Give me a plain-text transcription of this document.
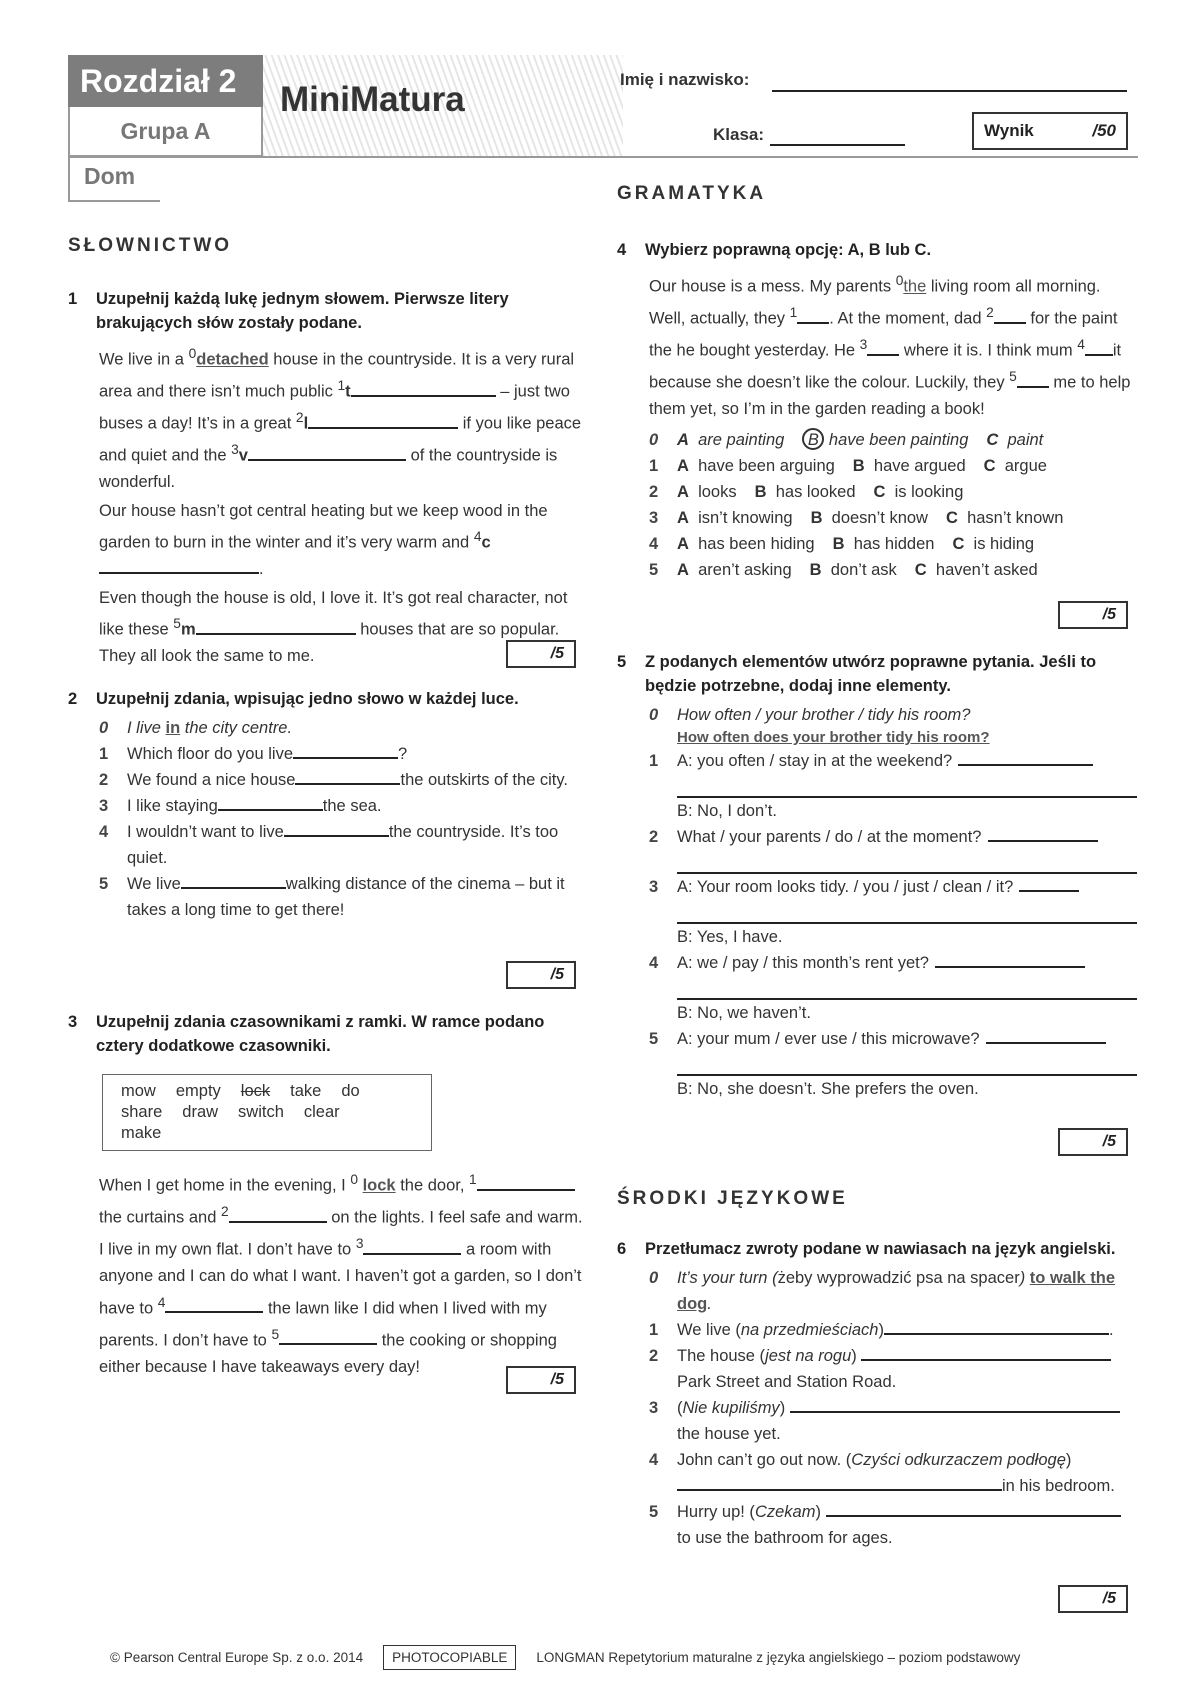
Rozdział 2
Grupa A
MiniMatura
Imię i nazwisko:
Klasa:	Wynik	/50
Dom
SŁOWNICTWO
GRAMATYKA
ŚRODKI JĘZYKOWE
1	Uzupełnij każdą lukę jednym słowem. Pierwsze litery brakujących słów zostały podane.
We live in a $^0$detached house in the countryside. It is a very rural area and there isn’t much public $^1$t	– just two buses a day! It’s in a great $^2$l	if you like peace and quiet and the $^3$v	of the countryside is wonderful.
Our house hasn’t got central heating but we keep wood in the garden to burn in the winter and it’s very warm and $^4$c.
Even though the house is old, I love it. It’s got real character, not like these $^5$m	houses that are so popular. They all look the same to me.	/5
2	Uzupełnij zdania, wpisując jedno słowo w każdej luce.
0	I live in the city centre.
1	Which floor do you live	?
2	We found a nice house	the outskirts of the city.
3	I like staying	the sea.
4	I wouldn’t want to live	the countryside. It’s too quiet.
5	We live	walking distance of the cinema – but it takes a long time to get there!
/5
3	Uzupełnij zdania czasownikami z ramki. W ramce podano cztery dodatkowe czasowniki.
mow empty lock take do
share draw switch clearmake
When I get home in the evening, I $^0$ lock the door, $^1$ the curtains and $^2$	on the lights. I feel safe and warm. I live in my own flat. I don’t have to $^3$	a room with anyone and I can do what I want. I haven’t got a garden, so I don’t have to $^4$	the lawn like I did when I lived with my parents. I don’t have to $^5$	the cooking or shopping either because I have takeaways every day!
/5
4	Wybierz poprawną opcję: A, B lub C.
Our house is a mess. My parents $^0$the living room all morning. Well, actually, they $^1$ . At the moment, dad $^2$ for the paint the he bought yesterday. He $^3$ where it is. I think mum $^4$ it because she doesn’t like the colour. Luckily, they $^5$ me to help them yet, so I’m in the garden reading a book!
0	A are painting	B have been painting C paint
1	A have been arguing B have argued C argue
2	A looks B has looked C is looking
3	A isn’t knowing B doesn’t know C hasn’t known
4	A has been hiding B has hidden C is hiding
5	A aren’t asking B don’t ask C haven’t asked
/5
5	Z podanych elementów utwórz poprawne pytania. Jeśli to będzie potrzebne, dodaj inne elementy.
0	How often / your brother / tidy his room?
How often does your brother tidy his room?
1	A: you often / stay in at the weekend?
B: No, I don’t.
2	What / your parents / do / at the moment?
3	A: Your room looks tidy. / you / just / clean / it?
B: Yes, I have.
4	A: we / pay / this month’s rent yet?
B: No, we haven’t.
5	A: your mum / ever use / this microwave?
B: No, she doesn’t. She prefers the oven.
/5
6	Przetłumacz zwroty podane w nawiasach na język angielski.
0	It’s your turn (żeby wyprowadzić psa na spacer) to walk the dog.
1	We live (na przedmieściach)	.
2	The house (jest na rogu)
Park Street and Station Road.
3	(Nie kupiliśmy)
the house yet.
4	John can’t go out now. (Czyści odkurzaczem podłogę)
in his bedroom.
5	Hurry up! (Czekam)
to use the bathroom for ages.
/5
© Pearson Central Europe Sp. z o.o. 2014	PHOTOCOPIABLE	LONGMAN Repetytorium maturalne z języka angielskiego – poziom podstawowy
